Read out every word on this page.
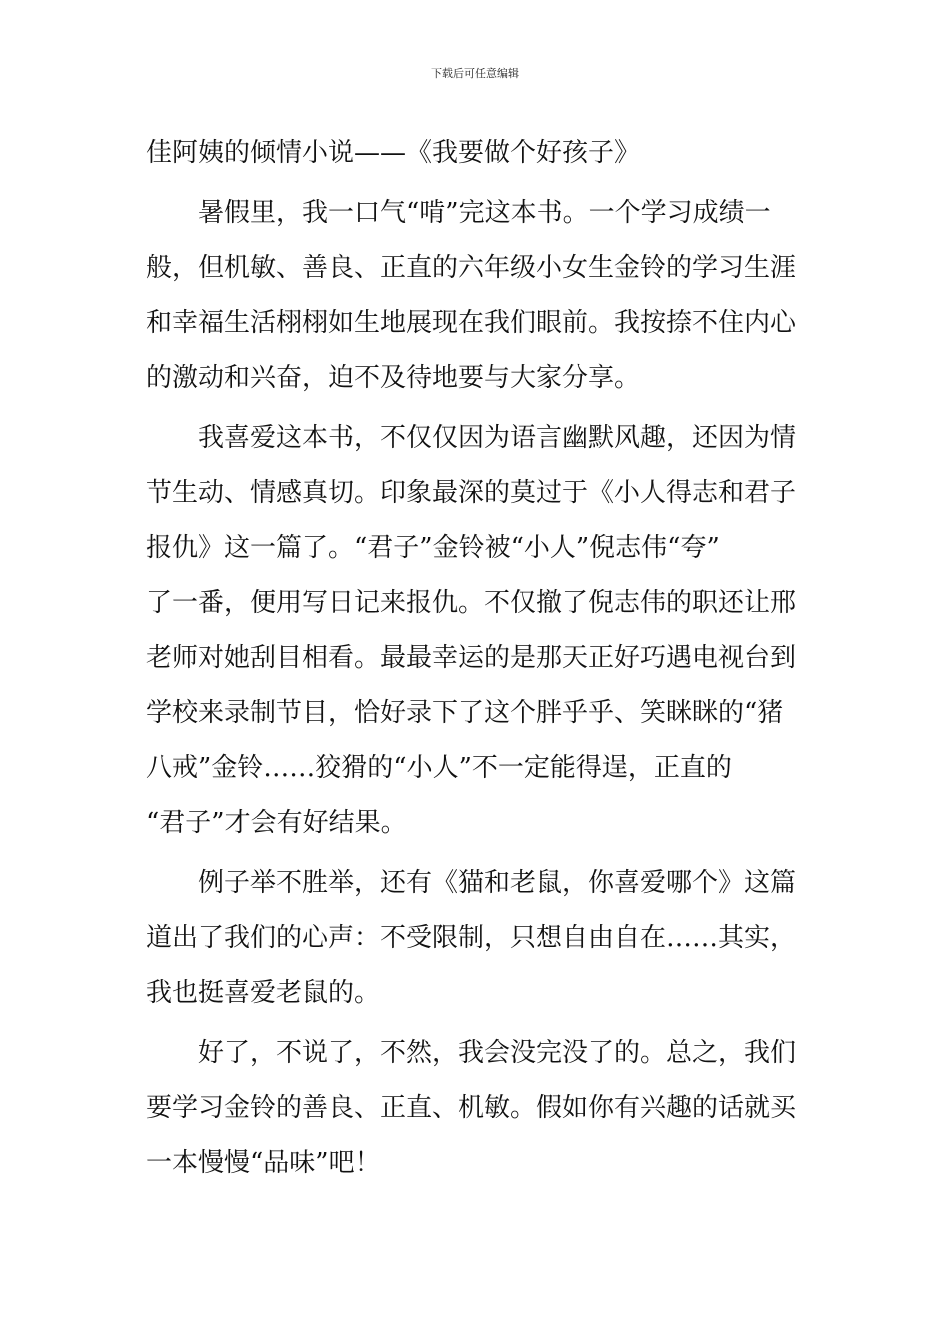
下载后可任意编辑
佳阿姨的倾情小说——《我要做个好孩子》

暑假里，我一口气“啃”完这本书。一个学习成绩一
般，但机敏、善良、正直的六年级小女生金铃的学习生涯
和幸福生活栩栩如生地展现在我们眼前。我按捺不住内心
的激动和兴奋，迫不及待地要与大家分享。

我喜爱这本书，不仅仅因为语言幽默风趣，还因为情
节生动、情感真切。印象最深的莫过于《小人得志和君子
报仇》这一篇了。“君子”金铃被“小人”倪志伟“夸”
了一番，便用写日记来报仇。不仅撤了倪志伟的职还让邢
老师对她刮目相看。最最幸运的是那天正好巧遇电视台到
学校来录制节目，恰好录下了这个胖乎乎、笑眯眯的“猪
八戒”金铃……狡猾的“小人”不一定能得逞，正直的
“君子”才会有好结果。

例子举不胜举，还有《猫和老鼠，你喜爱哪个》这篇
道出了我们的心声：不受限制，只想自由自在……其实，
我也挺喜爱老鼠的。

好了，不说了，不然，我会没完没了的。总之，我们
要学习金铃的善良、正直、机敏。假如你有兴趣的话就买
一本慢慢“品味”吧！
